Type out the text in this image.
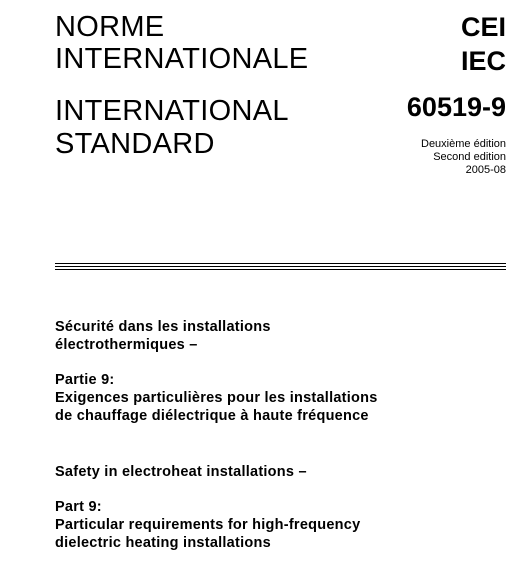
NORME
INTERNATIONALE
INTERNATIONAL
STANDARD
CEI
IEC
60519-9
Deuxième édition
Second edition
2005-08
Sécurité dans les installations
électrothermiques –
Partie 9:
Exigences particulières pour les installations
de chauffage diélectrique à haute fréquence
Safety in electroheat installations –
Part 9:
Particular requirements for high-frequency
dielectric heating installations
